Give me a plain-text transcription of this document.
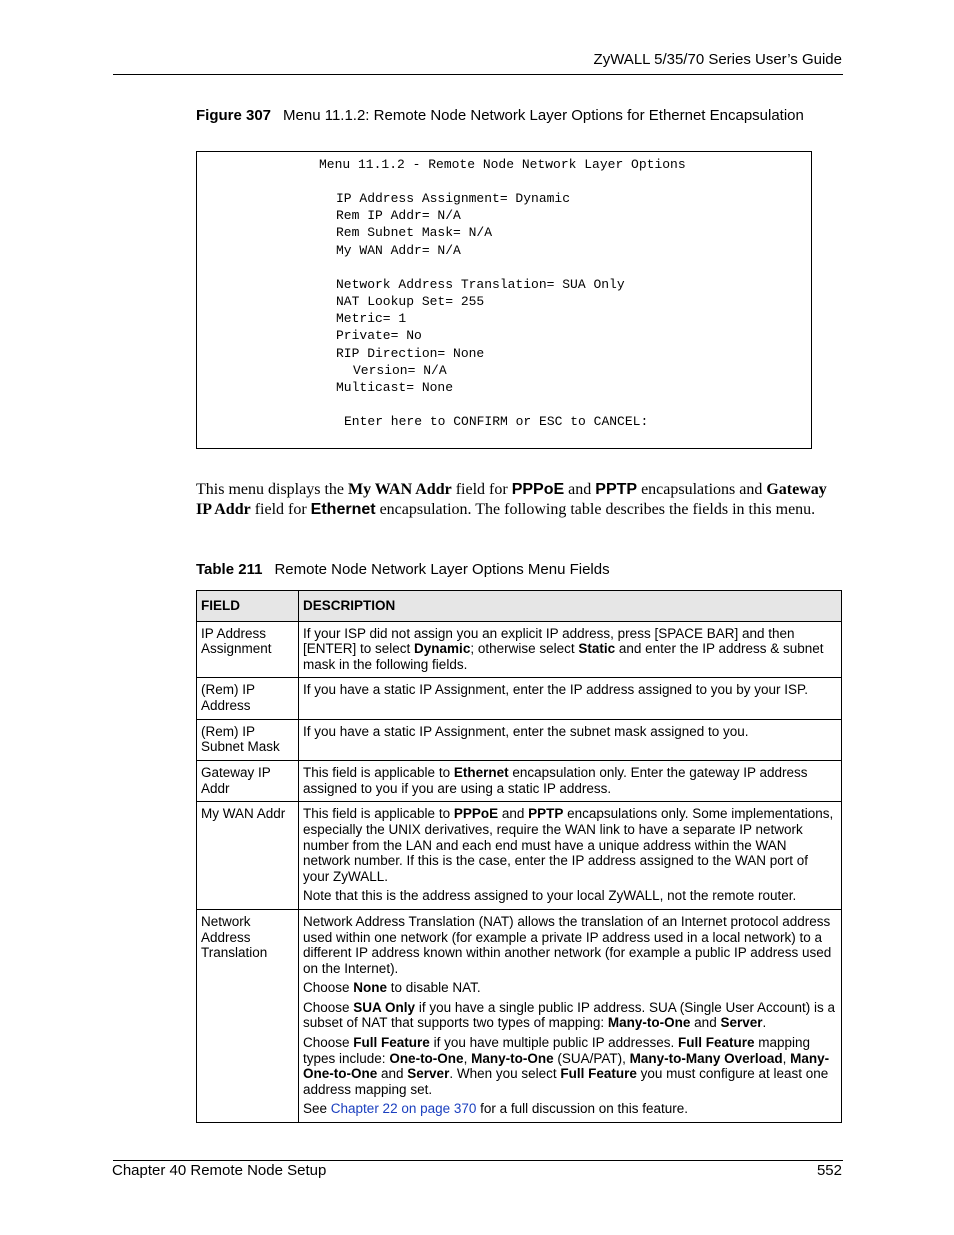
ZyWALL 5/35/70 Series User’s Guide
Figure 307 Menu 11.1.2: Remote Node Network Layer Options for Ethernet Encapsulation
Menu 11.1.2 - Remote Node Network Layer Options
IP Address Assignment= Dynamic
Rem IP Addr= N/A
Rem Subnet Mask= N/A
My WAN Addr= N/A
Network Address Translation= SUA Only
NAT Lookup Set= 255
Metric= 1
Private= No
RIP Direction= None
Version= N/A
Multicast= None
Enter here to CONFIRM or ESC to CANCEL:
This menu displays the My WAN Addr field for PPPoE and PPTP encapsulations and Gateway IP Addr field for Ethernet encapsulation. The following table describes the fields in this menu.
Table 211 Remote Node Network Layer Options Menu Fields
FIELD	DESCRIPTION
IP Address Assignment	If your ISP did not assign you an explicit IP address, press [SPACE BAR] and then [ENTER] to select Dynamic; otherwise select Static and enter the IP address & subnet mask in the following fields.
(Rem) IP Address	If you have a static IP Assignment, enter the IP address assigned to you by your ISP.
(Rem) IP Subnet Mask	If you have a static IP Assignment, enter the subnet mask assigned to you.
Gateway IP Addr	This field is applicable to Ethernet encapsulation only. Enter the gateway IP address assigned to you if you are using a static IP address.
My WAN Addr	This field is applicable to PPPoE and PPTP encapsulations only. Some implementations, especially the UNIX derivatives, require the WAN link to have a separate IP network number from the LAN and each end must have a unique address within the WAN network number. If this is the case, enter the IP address assigned to the WAN port of your ZyWALL.

Note that this is the address assigned to your local ZyWALL, not the remote router.

Network Address Translation	Network Address Translation (NAT) allows the translation of an Internet protocol address used within one network (for example a private IP address used in a local network) to a different IP address known within another network (for example a public IP address used on the Internet).

Choose None to disable NAT.

Choose SUA Only if you have a single public IP address. SUA (Single User Account) is a subset of NAT that supports two types of mapping: Many-to-One and Server.

Choose Full Feature if you have multiple public IP addresses. Full Feature mapping types include: One-to-One, Many-to-One (SUA/PAT), Many-to-Many Overload, Many- One-to-One and Server. When you select Full Feature you must configure at least one address mapping set.

See Chapter 22 on page 370 for a full discussion on this feature.

Chapter 40 Remote Node Setup	552
